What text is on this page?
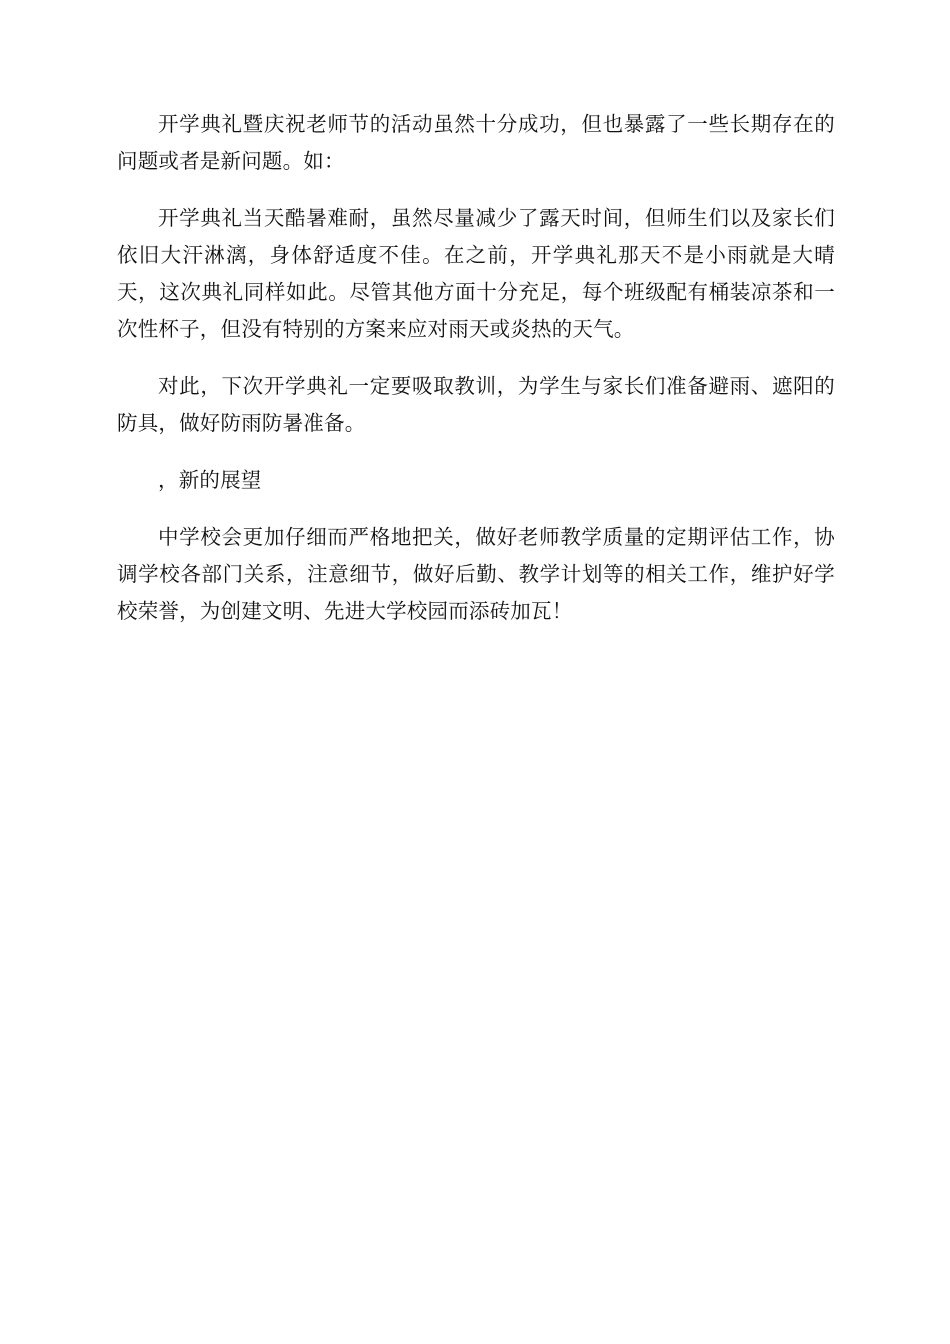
开学典礼暨庆祝老师节的活动虽然十分成功，但也暴露了一些长期存在的问题或者是新问题。如：

开学典礼当天酷暑难耐，虽然尽量减少了露天时间，但师生们以及家长们依旧大汗淋漓，身体舒适度不佳。在之前，开学典礼那天不是小雨就是大晴天，这次典礼同样如此。尽管其他方面十分充足，每个班级配有桶装凉茶和一次性杯子，但没有特别的方案来应对雨天或炎热的天气。

对此，下次开学典礼一定要吸取教训，为学生与家长们准备避雨、遮阳的防具，做好防雨防暑准备。

，新的展望

中学校会更加仔细而严格地把关，做好老师教学质量的定期评估工作，协调学校各部门关系，注意细节，做好后勤、教学计划等的相关工作，维护好学校荣誉，为创建文明、先进大学校园而添砖加瓦！
